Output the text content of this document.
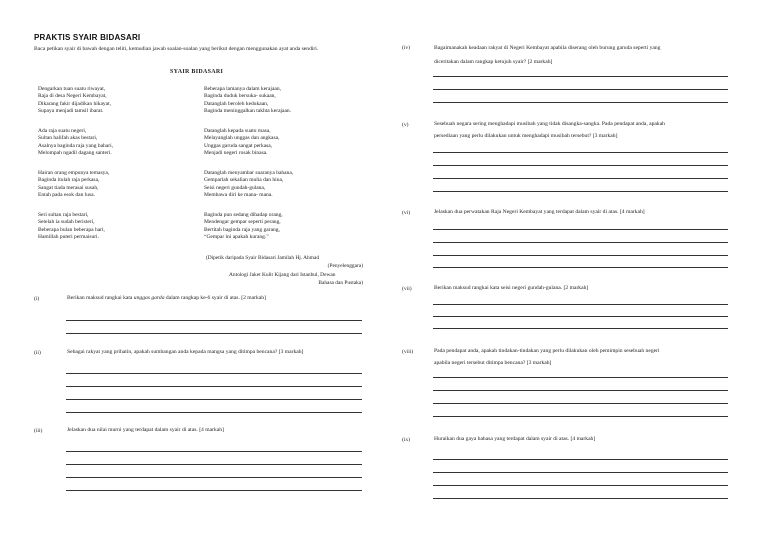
PRAKTIS SYAIR BIDASARI
Baca petikan syair di bawah dengan teliti, kemudian jawab soalan-soalan yang berikut dengan menggunakan ayat anda sendiri.
SYAIR BIDASARI
Dengarkan tuan suatu riwayat,
Raja di desa Negeri Kembayat,
Dikarang fakir dijadikan hikayat,
Supaya menjadi tamsil ibarat.
Ada raja suatu negeri,
Sultan halifah akas bestari,
Asalnya baginda raja yang bahari,
Melompah ngadil dagang santeri.
Hairan orang empunya temasya,
Baginda itulah raja perkasa,
Sangat tiada merasai susah,
Entah pada esok dan lusa.
Seri sultan raja bestari,
Setelah ia sudah beristeri,
Beberapa bulan beberapa hari,
Hamillah puteri permaisuri.
Beberapa lamanya dalam kerajaan,
Baginda duduk bersuka- sukaan,
Datanglah beroleh kedukaan,
Baginda meninggalkan takhta kerajaan.
Datanglah kepada suatu masa,
Melayanglah unggas dan angkasa,
Unggas garuda sangat perkasa,
Menjadi negeri rosak binasa.
Datanglah menyambar suaranya bahana,
Gemparlah sekalian mulia dan hina,
Seisi negeri gundah-gulana,
Membawa diri ke mana- mana.
Baginda pun sedang dihadap orang,
Mendengar gempar seperti perang,
Bertitah baginda raja yang garang,
“Gempar ini apakah kurang.”
(Dipetik daripada Syair Bidasari Jamilah Hj. Ahmad
(Penyelenggara)
Antologi Jaket Kulit Kijang dari Istanbul, Dewan
Bahasa dan Pustaka)
(i)	Berikan maksud rangkai kata unggas garda dalam rangkap ke-6 syair di atas. [2 markah]
(ii)	Sebagai rakyat yang prihatin, apakah sumbangan anda kepada mangsa yang ditimpa bencana? [3 markah]
(iii)	Jelaskan dua nilai murni yang terdapat dalam syair di atas. [4 markah]
(iv)	Bagaimanakah keadaan rakyat di Negeri Kembayat apabila diserang oleh burung garuda seperti yang
diceritakan dalam rangkap ketujuh syair? [2 markah]
(v)	Sesebuah negara sering menghadapi musibah yang tidak disangka-sangka. Pada pendapat anda, apakah
persediaan yang perlu dilakukan untuk menghadapi musibah tersebut? [3 markah]
(vi)	Jelaskan dua perwatakan Raja Negeri Kembayat yang terdapat dalam syair di atas. [4 markah]
(vii)	Berikan maksud rangkai kata seisi negeri gundah-gulana. [2 markah]
(viii)	Pada pendapat anda, apakah tindakan-tindakan yang perlu dilakukan oleh pemimpin sesebuah negeri
apabila negeri tersebut ditimpa bencana? [3 markah]
(ix)	Huraikan dua gaya bahasa yang terdapat dalam syair di atas. [4 markah]
